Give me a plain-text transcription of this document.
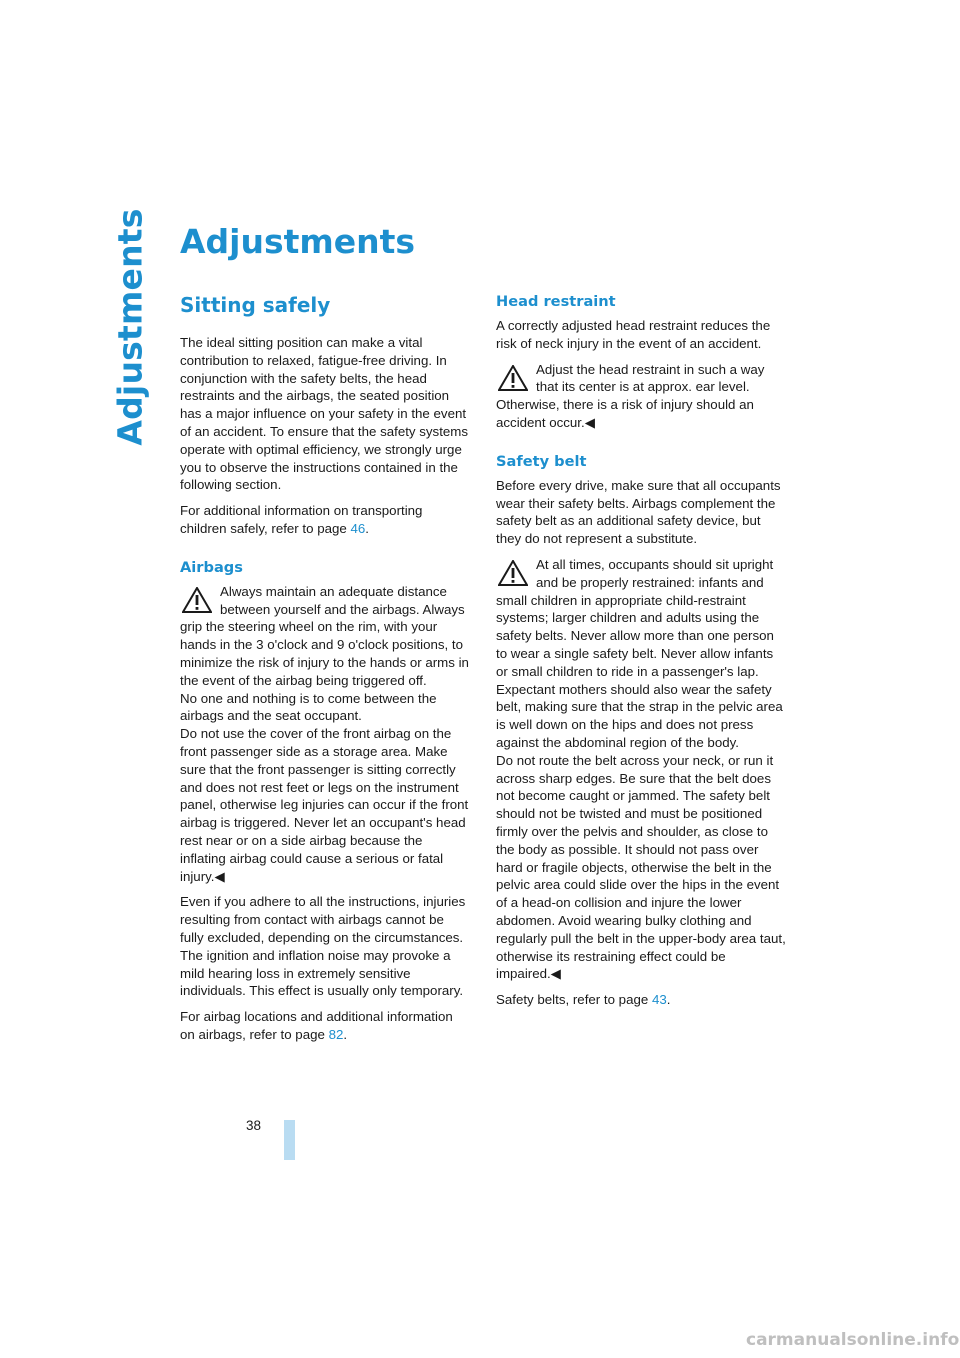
Adjustments Adjustments
Sitting safely

The ideal sitting position can make a vital contribution to relaxed, fatigue-free driving. In conjunction with the safety belts, the head restraints and the airbags, the seated position has a major influence on your safety in the event of an accident. To ensure that the safety systems operate with optimal efficiency, we strongly urge you to observe the instructions contained in the following section.

For additional information on transporting children safely, refer to page 46.

Airbags
Always maintain an adequate distance between yourself and the airbags. Always grip the steering wheel on the rim, with your hands in the 3 o'clock and 9 o'clock positions, to minimize the risk of injury to the hands or arms in the event of the airbag being triggered off.
No one and nothing is to come between the airbags and the seat occupant.
Do not use the cover of the front airbag on the front passenger side as a storage area. Make sure that the front passenger is sitting correctly and does not rest feet or legs on the instrument panel, otherwise leg injuries can occur if the front airbag is triggered. Never let an occupant's head rest near or on a side airbag because the inflating airbag could cause a serious or fatal injury.◀

Even if you adhere to all the instructions, injuries resulting from contact with airbags cannot be fully excluded, depending on the circumstances. The ignition and inflation noise may provoke a mild hearing loss in extremely sensitive individuals. This effect is usually only temporary.

For airbag locations and additional information on airbags, refer to page 82.

Head restraint

A correctly adjusted head restraint reduces the risk of neck injury in the event of an accident.

Adjust the head restraint in such a way that its center is at approx. ear level. Otherwise, there is a risk of injury should an accident occur.◀
Safety belt

Before every drive, make sure that all occupants wear their safety belts. Airbags complement the safety belt as an additional safety device, but they do not represent a substitute.

At all times, occupants should sit upright and be properly restrained: infants and small children in appropriate child-restraint systems; larger children and adults using the safety belts. Never allow more than one person to wear a single safety belt. Never allow infants or small children to ride in a passenger's lap. Expectant mothers should also wear the safety belt, making sure that the strap in the pelvic area is well down on the hips and does not press against the abdominal region of the body.
Do not route the belt across your neck, or run it across sharp edges. Be sure that the belt does not become caught or jammed. The safety belt should not be twisted and must be positioned firmly over the pelvis and shoulder, as close to the body as possible. It should not pass over hard or fragile objects, otherwise the belt in the pelvic area could slide over the hips in the event of a head-on collision and injure the lower abdomen. Avoid wearing bulky clothing and regularly pull the belt in the upper-body area taut, otherwise its restraining effect could be impaired.◀

Safety belts, refer to page 43.

38
carmanualsonline.info
